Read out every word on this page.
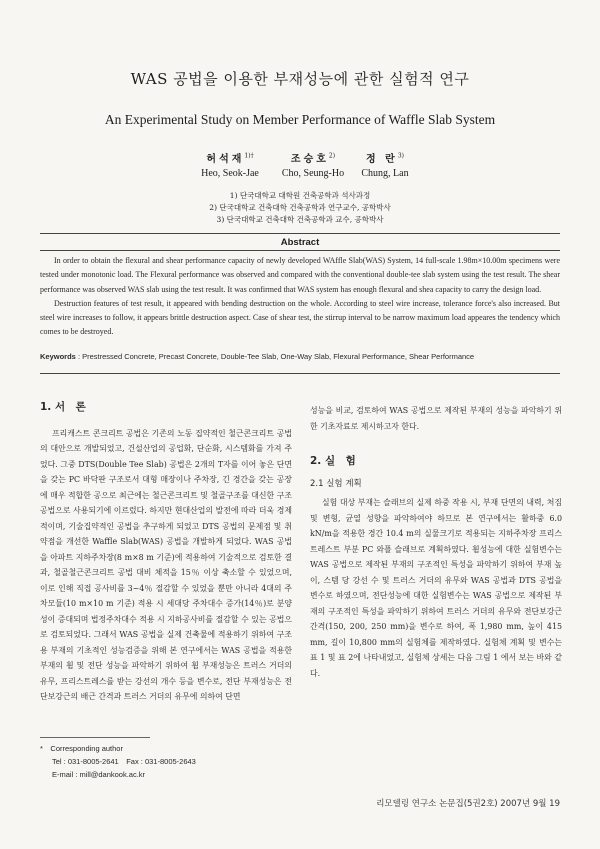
WAS 공법을 이용한 부재성능에 관한 실험적 연구
An Experimental Study on Member Performance of Waffle Slab System
허석재$^{1)\dagger}$
Heo, Seok-Jae
조승호$^{2)}$
Cho, Seung-Ho
정 란$^{3)}$
Chung, Lan
1) 단국대학교 대학원 건축공학과 석사과정
2) 단국대학교 건축대학 건축공학과 연구교수, 공학박사
3) 단국대학교 건축대학 건축공학과 교수, 공학박사
Abstract

In order to obtain the flexural and shear performance capacity of newly developed WAffle Slab(WAS) System, 14 full-scale 1.98m×10.00m specimens were tested under monotonic load. The Flexural performance was observed and compared with the conventional double-tee slab system using the test result. The shear performance was observed WAS slab using the test result. It was confirmed that WAS system has enough flexural and shea capacity to carry the design load.

Destruction features of test result, it appeared with bending destruction on the whole. According to steel wire increase, tolerance force's also increased. But steel wire increases to follow, it appears brittle destruction aspect. Case of shear test, the stirrup interval to be narrow maximum load appeares the tendency which comes to be destroyed.

Keywords : Prestressed Concrete, Precast Concrete, Double-Tee Slab, One-Way Slab, Flexural Performance, Shear Performance
1. 서　론

프리캐스트 콘크리트 공법은 기존의 노동 집약적인 철근콘크리트 공법의 대안으로 개발되었고, 건설산업의 공업화, 단순화, 시스템화를 가져 주었다. 그중 DTS(Double Tee Slab) 공법은 2개의 T자를 이어 놓은 단면을 갖는 PC 바닥판 구조로서 대형 매장이나 주차장, 긴 경간을 갖는 공장에 매우 적합한 공으로 최근에는 철근콘크리트 및 철골구조를 대신한 구조 공법으로 사용되기에 이르렀다. 하지만 현대산업의 발전에 따라 더욱 경제적이며, 기술집약적인 공법을 추구하게 되었고 DTS 공법의 문제점 및 취약점을 개선한 Waffle Slab(WAS) 공법을 개발하게 되었다. WAS 공법을 아파트 지하주차장(8 m×8 m 기준)에 적용하여 기술적으로 검토한 결과, 철골철근콘크리트 공법 대비 체적을 15％ 이상 축소할 수 있었으며, 이로 인해 직접 공사비를 3~4％ 절감할 수 있었을 뿐만 아니라 4대의 주차모듈(10 m×10 m 기준) 적용 시 세대당 주차대수 증가(14％)로 분양성이 증대되며 법정주차대수 적용 시 지하공사비를 절감할 수 있는 공법으로 검토되었다. 그래서 WAS 공법을 실제 건축물에 적용하기 위하여 구조용 부재의 기초적인 성능검증을 위해 본 연구에서는 WAS 공법을 적용한 부재의 휨 및 전단 성능을 파악하기 위하여 휨 부재성능은 트러스 거더의 유무, 프리스트레스를 받는 강선의 개수 등을 변수로, 전단 부재성능은 전단보강근의 배근 간격과 트러스 거더의 유무에 의하여 단면

성능을 비교, 검토하여 WAS 공법으로 제작된 부재의 성능을 파악하기 위한 기초자료로 제시하고자 한다.

2. 실　험
2.1 실험 계획

실험 대상 부재는 슬래브의 실제 하중 작용 시, 부재 단면의 내력, 처짐 및 변형, 균열 성향을 파악하여야 하므로 본 연구에서는 활하중 6.0 kN/m을 적용한 경간 10.4 m의 실물크기로 적용되는 지하주차장 프리스트레스트 부분 PC 와플 슬래브로 계획하였다. 휨성능에 대한 실험변수는 WAS 공법으로 제작된 부재의 구조적인 특성을 파악하기 위하여 부재 높이, 스템 당 강선 수 및 트러스 거더의 유무와 WAS 공법과 DTS 공법을 변수로 하였으며, 전단성능에 대한 실험변수는 WAS 공법으로 제작된 부재의 구조적인 특성을 파악하기 위하여 트러스 거더의 유무와 전단보강근 간격(150, 200, 250 mm)을 변수로 하여, 폭 1,980 mm, 높이 415 mm, 길이 10,800 mm의 실험체를 제작하였다. 실험체 계획 및 변수는 표 1 및 표 2에 나타내었고, 실험체 상세는 다음 그림 1 에서 보는 바와 같다.

*　 Corresponding author
Tel : 031-8005-2641　Fax : 031-8005-2643
E-mail : mill@dankook.ac.kr
리모델링 연구소 논문집(5권2호) 2007년 9월 19
